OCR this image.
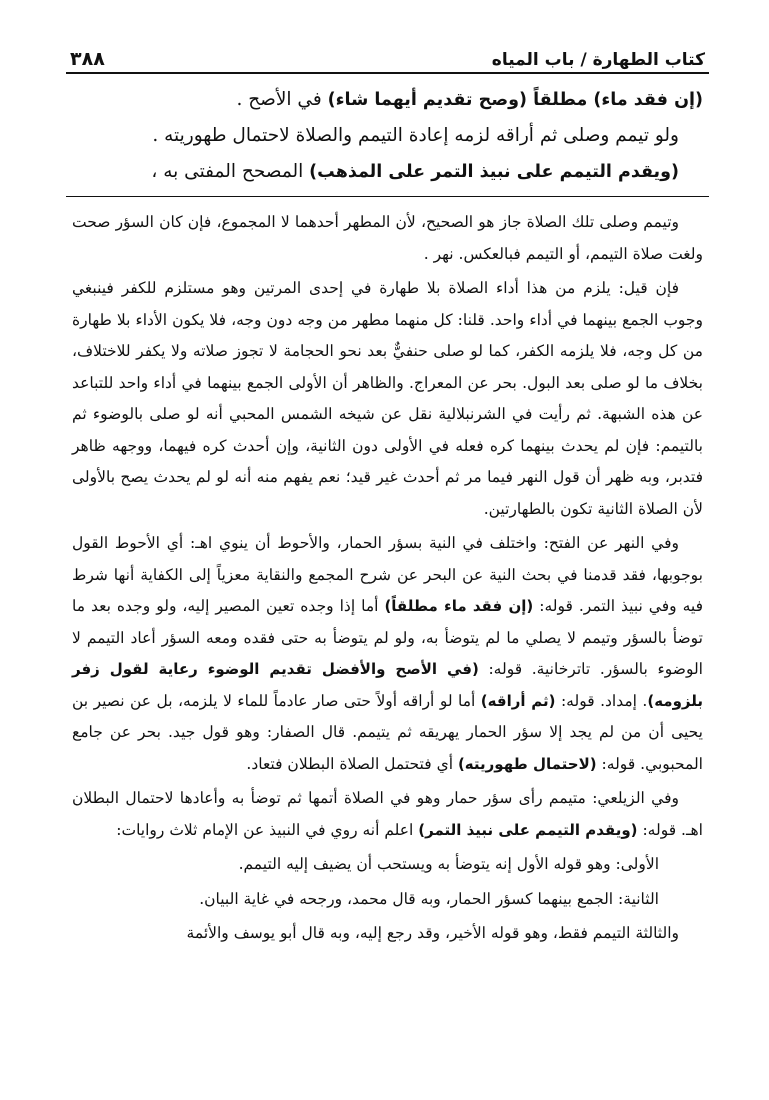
كتاب الطهارة / باب المياه
٣٨٨

(إن فقد ماء) مطلقاً (وصح تقديم أيهما شاء) في الأصح .

ولو تيمم وصلى ثم أراقه لزمه إعادة التيمم والصلاة لاحتمال طهوريته .

(ويقدم التيمم على نبيذ التمر على المذهب) المصحح المفتى به ،

وتيمم وصلى تلك الصلاة جاز هو الصحيح، لأن المطهر أحدهما لا المجموع، فإن كان السؤر صحت ولغت صلاة التيمم، أو التيمم فبالعكس. نهر .

فإن قيل: يلزم من هذا أداء الصلاة بلا طهارة في إحدى المرتين وهو مستلزم للكفر فينبغي وجوب الجمع بينهما في أداء واحد. قلنا: كل منهما مطهر من وجه دون وجه، فلا يكون الأداء بلا طهارة من كل وجه، فلا يلزمه الكفر، كما لو صلى حنفيٌّ بعد نحو الحجامة لا تجوز صلاته ولا يكفر للاختلاف، بخلاف ما لو صلى بعد البول. بحر عن المعراج. والظاهر أن الأولى الجمع بينهما في أداء واحد للتباعد عن هذه الشبهة. ثم رأيت في الشرنبلالية نقل عن شيخه الشمس المحبي أنه لو صلى بالوضوء ثم بالتيمم: فإن لم يحدث بينهما كره فعله في الأولى دون الثانية، وإن أحدث كره فيهما، ووجهه ظاهر فتدبر، وبه ظهر أن قول النهر فيما مر ثم أحدث غير قيد؛ نعم يفهم منه أنه لو لم يحدث يصح بالأولى لأن الصلاة الثانية تكون بالطهارتين.

وفي النهر عن الفتح: واختلف في النية بسؤر الحمار، والأحوط أن ينوي اهـ: أي الأحوط القول بوجوبها، فقد قدمنا في بحث النية عن البحر عن شرح المجمع والنقاية معزياً إلى الكفاية أنها شرط فيه وفي نبيذ التمر. قوله: (إن فقد ماء مطلقاً) أما إذا وجده تعين المصير إليه، ولو وجده بعد ما توضأ بالسؤر وتيمم لا يصلي ما لم يتوضأ به، ولو لم يتوضأ به حتى فقده ومعه السؤر أعاد التيمم لا الوضوء بالسؤر. تاترخانية. قوله: (في الأصح والأفضل تقديم الوضوء رعاية لقول زفر بلزومه). إمداد. قوله: (ثم أراقه) أما لو أراقه أولاً حتى صار عادماً للماء لا يلزمه، بل عن نصير بن يحيى أن من لم يجد إلا سؤر الحمار يهريقه ثم يتيمم. قال الصفار: وهو قول جيد. بحر عن جامع المحبوبي. قوله: (لاحتمال طهوريته) أي فتحتمل الصلاة البطلان فتعاد.

وفي الزيلعي: متيمم رأى سؤر حمار وهو في الصلاة أتمها ثم توضأ به وأعادها لاحتمال البطلان اهـ. قوله: (ويقدم التيمم على نبيذ التمر) اعلم أنه روي في النبيذ عن الإمام ثلاث روايات:

الأولى: وهو قوله الأول إنه يتوضأ به ويستحب أن يضيف إليه التيمم.

الثانية: الجمع بينهما كسؤر الحمار، وبه قال محمد، ورجحه في غاية البيان.

والثالثة التيمم فقط، وهو قوله الأخير، وقد رجع إليه، وبه قال أبو يوسف والأئمة
